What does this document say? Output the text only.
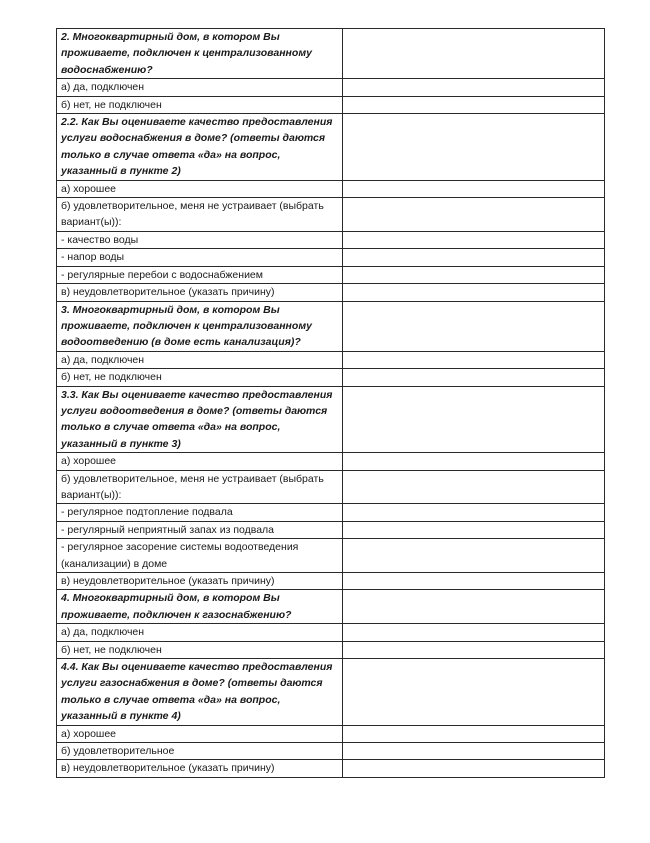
2. Многоквартирный дом, в котором Вы проживаете, подключен к централизованному водоснабжению?	
а) да, подключен	
б) нет, не подключен	
2.2. Как Вы оцениваете качество предоставления услуги водоснабжения в доме? (ответы даются только в случае ответа «да» на вопрос, указанный в пункте 2)	
а) хорошее	
б) удовлетворительное, меня не устраивает (выбрать вариант(ы)):	
- качество воды	
- напор воды	
- регулярные перебои с водоснабжением	
в) неудовлетворительное (указать причину)	
3. Многоквартирный дом, в котором Вы проживаете, подключен к централизованному водоотведению (в доме есть канализация)?	
а) да, подключен	
б) нет, не подключен	
3.3. Как Вы оцениваете качество предоставления услуги водоотведения в доме? (ответы даются только в случае ответа «да» на вопрос, указанный в пункте 3)	
а) хорошее	
б) удовлетворительное, меня не устраивает (выбрать вариант(ы)):	
- регулярное подтопление подвала	
- регулярный неприятный запах из подвала	
- регулярное засорение системы водоотведения (канализации) в доме	
в) неудовлетворительное (указать причину)	
4. Многоквартирный дом, в котором Вы проживаете, подключен к газоснабжению?	
а) да, подключен	
б) нет, не подключен	
4.4. Как Вы оцениваете качество предоставления услуги газоснабжения в доме? (ответы даются только в случае ответа «да» на вопрос, указанный в пункте 4)	
а) хорошее	
б) удовлетворительное	
в) неудовлетворительное (указать причину)	
